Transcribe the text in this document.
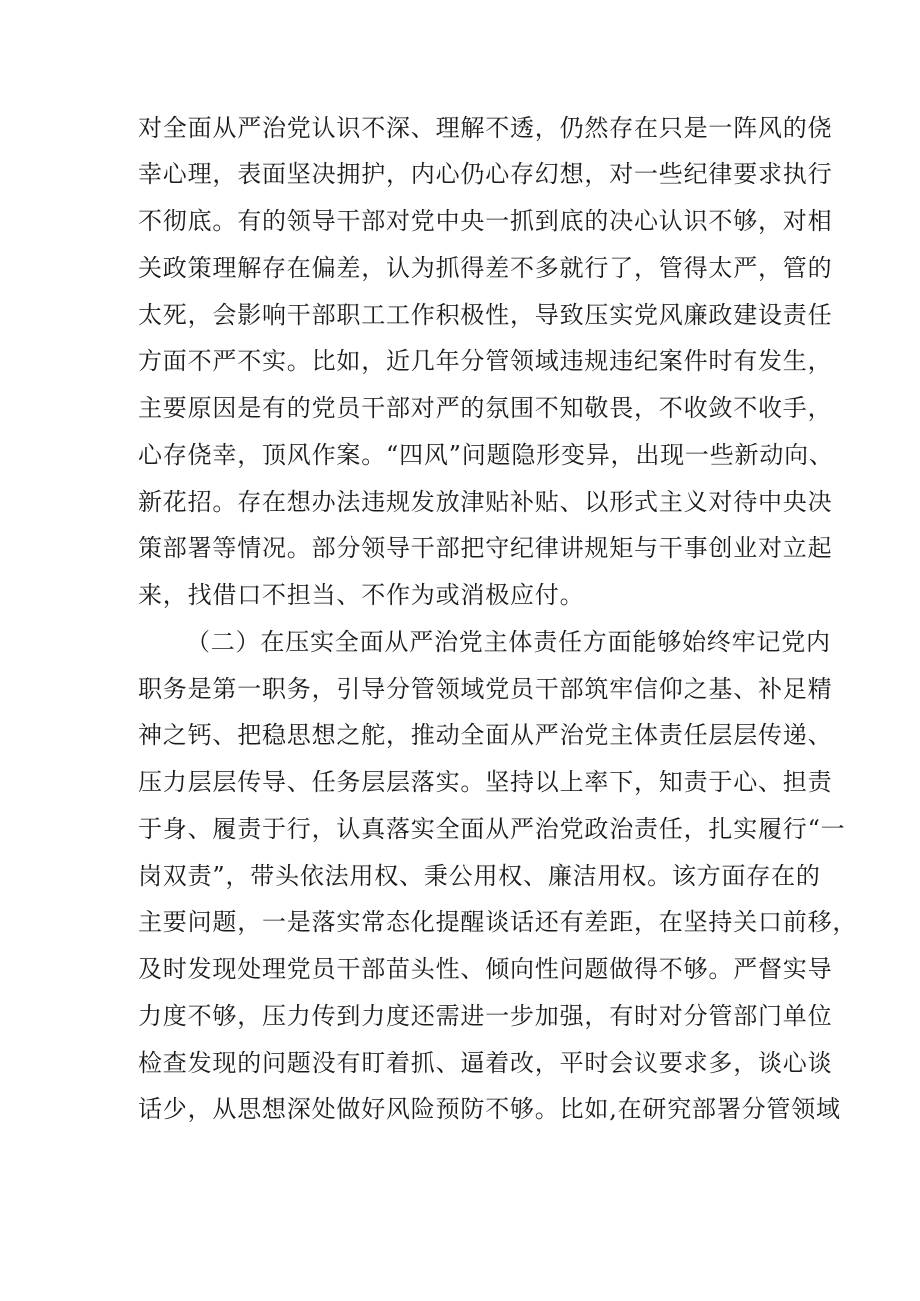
对全面从严治党认识不深、理解不透，仍然存在只是一阵风的侥
幸心理，表面坚决拥护，内心仍心存幻想，对一些纪律要求执行
不彻底。有的领导干部对党中央一抓到底的决心认识不够，对相
关政策理解存在偏差，认为抓得差不多就行了，管得太严，管的
太死，会影响干部职工工作积极性，导致压实党风廉政建设责任
方面不严不实。比如，近几年分管领域违规违纪案件时有发生，
主要原因是有的党员干部对严的氛围不知敬畏，不收敛不收手，
心存侥幸，顶风作案。“四风”问题隐形变异，出现一些新动向、
新花招。存在想办法违规发放津贴补贴、以形式主义对待中央决
策部署等情况。部分领导干部把守纪律讲规矩与干事创业对立起
来，找借口不担当、不作为或消极应付。
（二）在压实全面从严治党主体责任方面能够始终牢记党内
职务是第一职务，引导分管领域党员干部筑牢信仰之基、补足精
神之钙、把稳思想之舵，推动全面从严治党主体责任层层传递、
压力层层传导、任务层层落实。坚持以上率下，知责于心、担责
于身、履责于行，认真落实全面从严治党政治责任，扎实履行“一
岗双责”，带头依法用权、秉公用权、廉洁用权。该方面存在的
主要问题，一是落实常态化提醒谈话还有差距，在坚持关口前移，
及时发现处理党员干部苗头性、倾向性问题做得不够。严督实导
力度不够，压力传到力度还需进一步加强，有时对分管部门单位
检查发现的问题没有盯着抓、逼着改，平时会议要求多，谈心谈
话少，从思想深处做好风险预防不够。比如,在研究部署分管领域
